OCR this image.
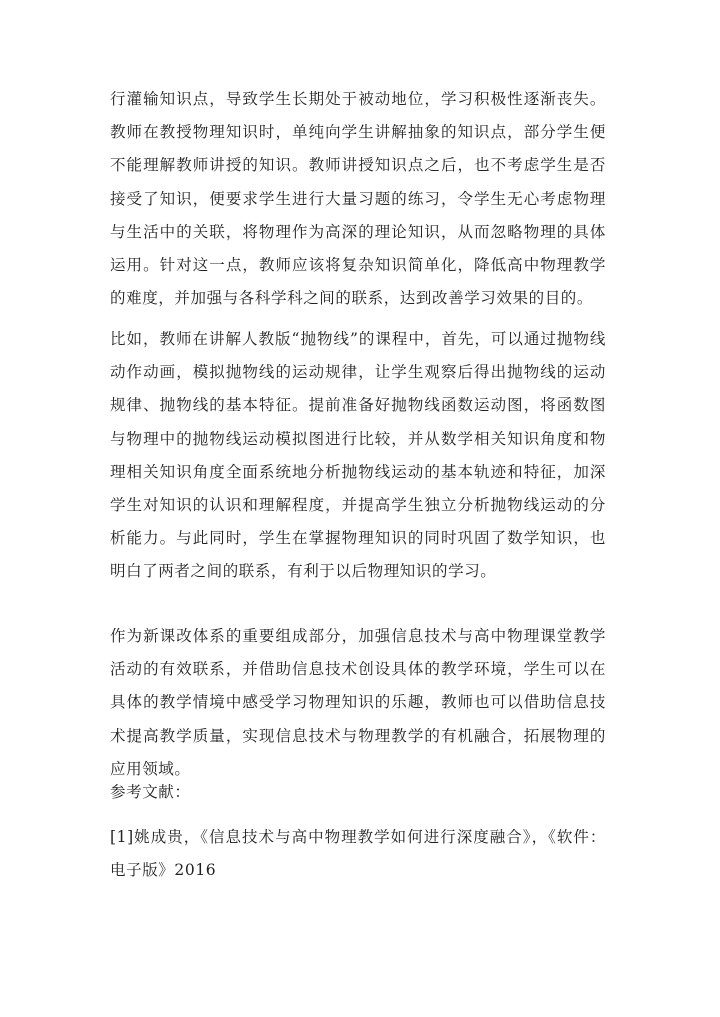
行灌输知识点，导致学生长期处于被动地位，学习积极性逐渐丧失。教师在教授物理知识时，单纯向学生讲解抽象的知识点，部分学生便不能理解教师讲授的知识。教师讲授知识点之后，也不考虑学生是否接受了知识，便要求学生进行大量习题的练习，令学生无心考虑物理与生活中的关联，将物理作为高深的理论知识，从而忽略物理的具体运用。针对这一点，教师应该将复杂知识简单化，降低高中物理教学的难度，并加强与各科学科之间的联系，达到改善学习效果的目的。

比如，教师在讲解人教版“抛物线”的课程中，首先，可以通过抛物线动作动画，模拟抛物线的运动规律，让学生观察后得出抛物线的运动规律、抛物线的基本特征。提前准备好抛物线函数运动图，将函数图与物理中的抛物线运动模拟图进行比较，并从数学相关知识角度和物理相关知识角度全面系统地分析抛物线运动的基本轨迹和特征，加深学生对知识的认识和理解程度，并提高学生独立分析抛物线运动的分析能力。与此同时，学生在掌握物理知识的同时巩固了数学知识，也明白了两者之间的联系，有利于以后物理知识的学习。

作为新课改体系的重要组成部分，加强信息技术与高中物理课堂教学活动的有效联系，并借助信息技术创设具体的教学环境，学生可以在具体的教学情境中感受学习物理知识的乐趣，教师也可以借助信息技术提高教学质量，实现信息技术与物理教学的有机融合，拓展物理的应用领域。

参考文献：

[1]姚成贵，《信息技术与高中物理教学如何进行深度融合》，《软件：电子版》2016
